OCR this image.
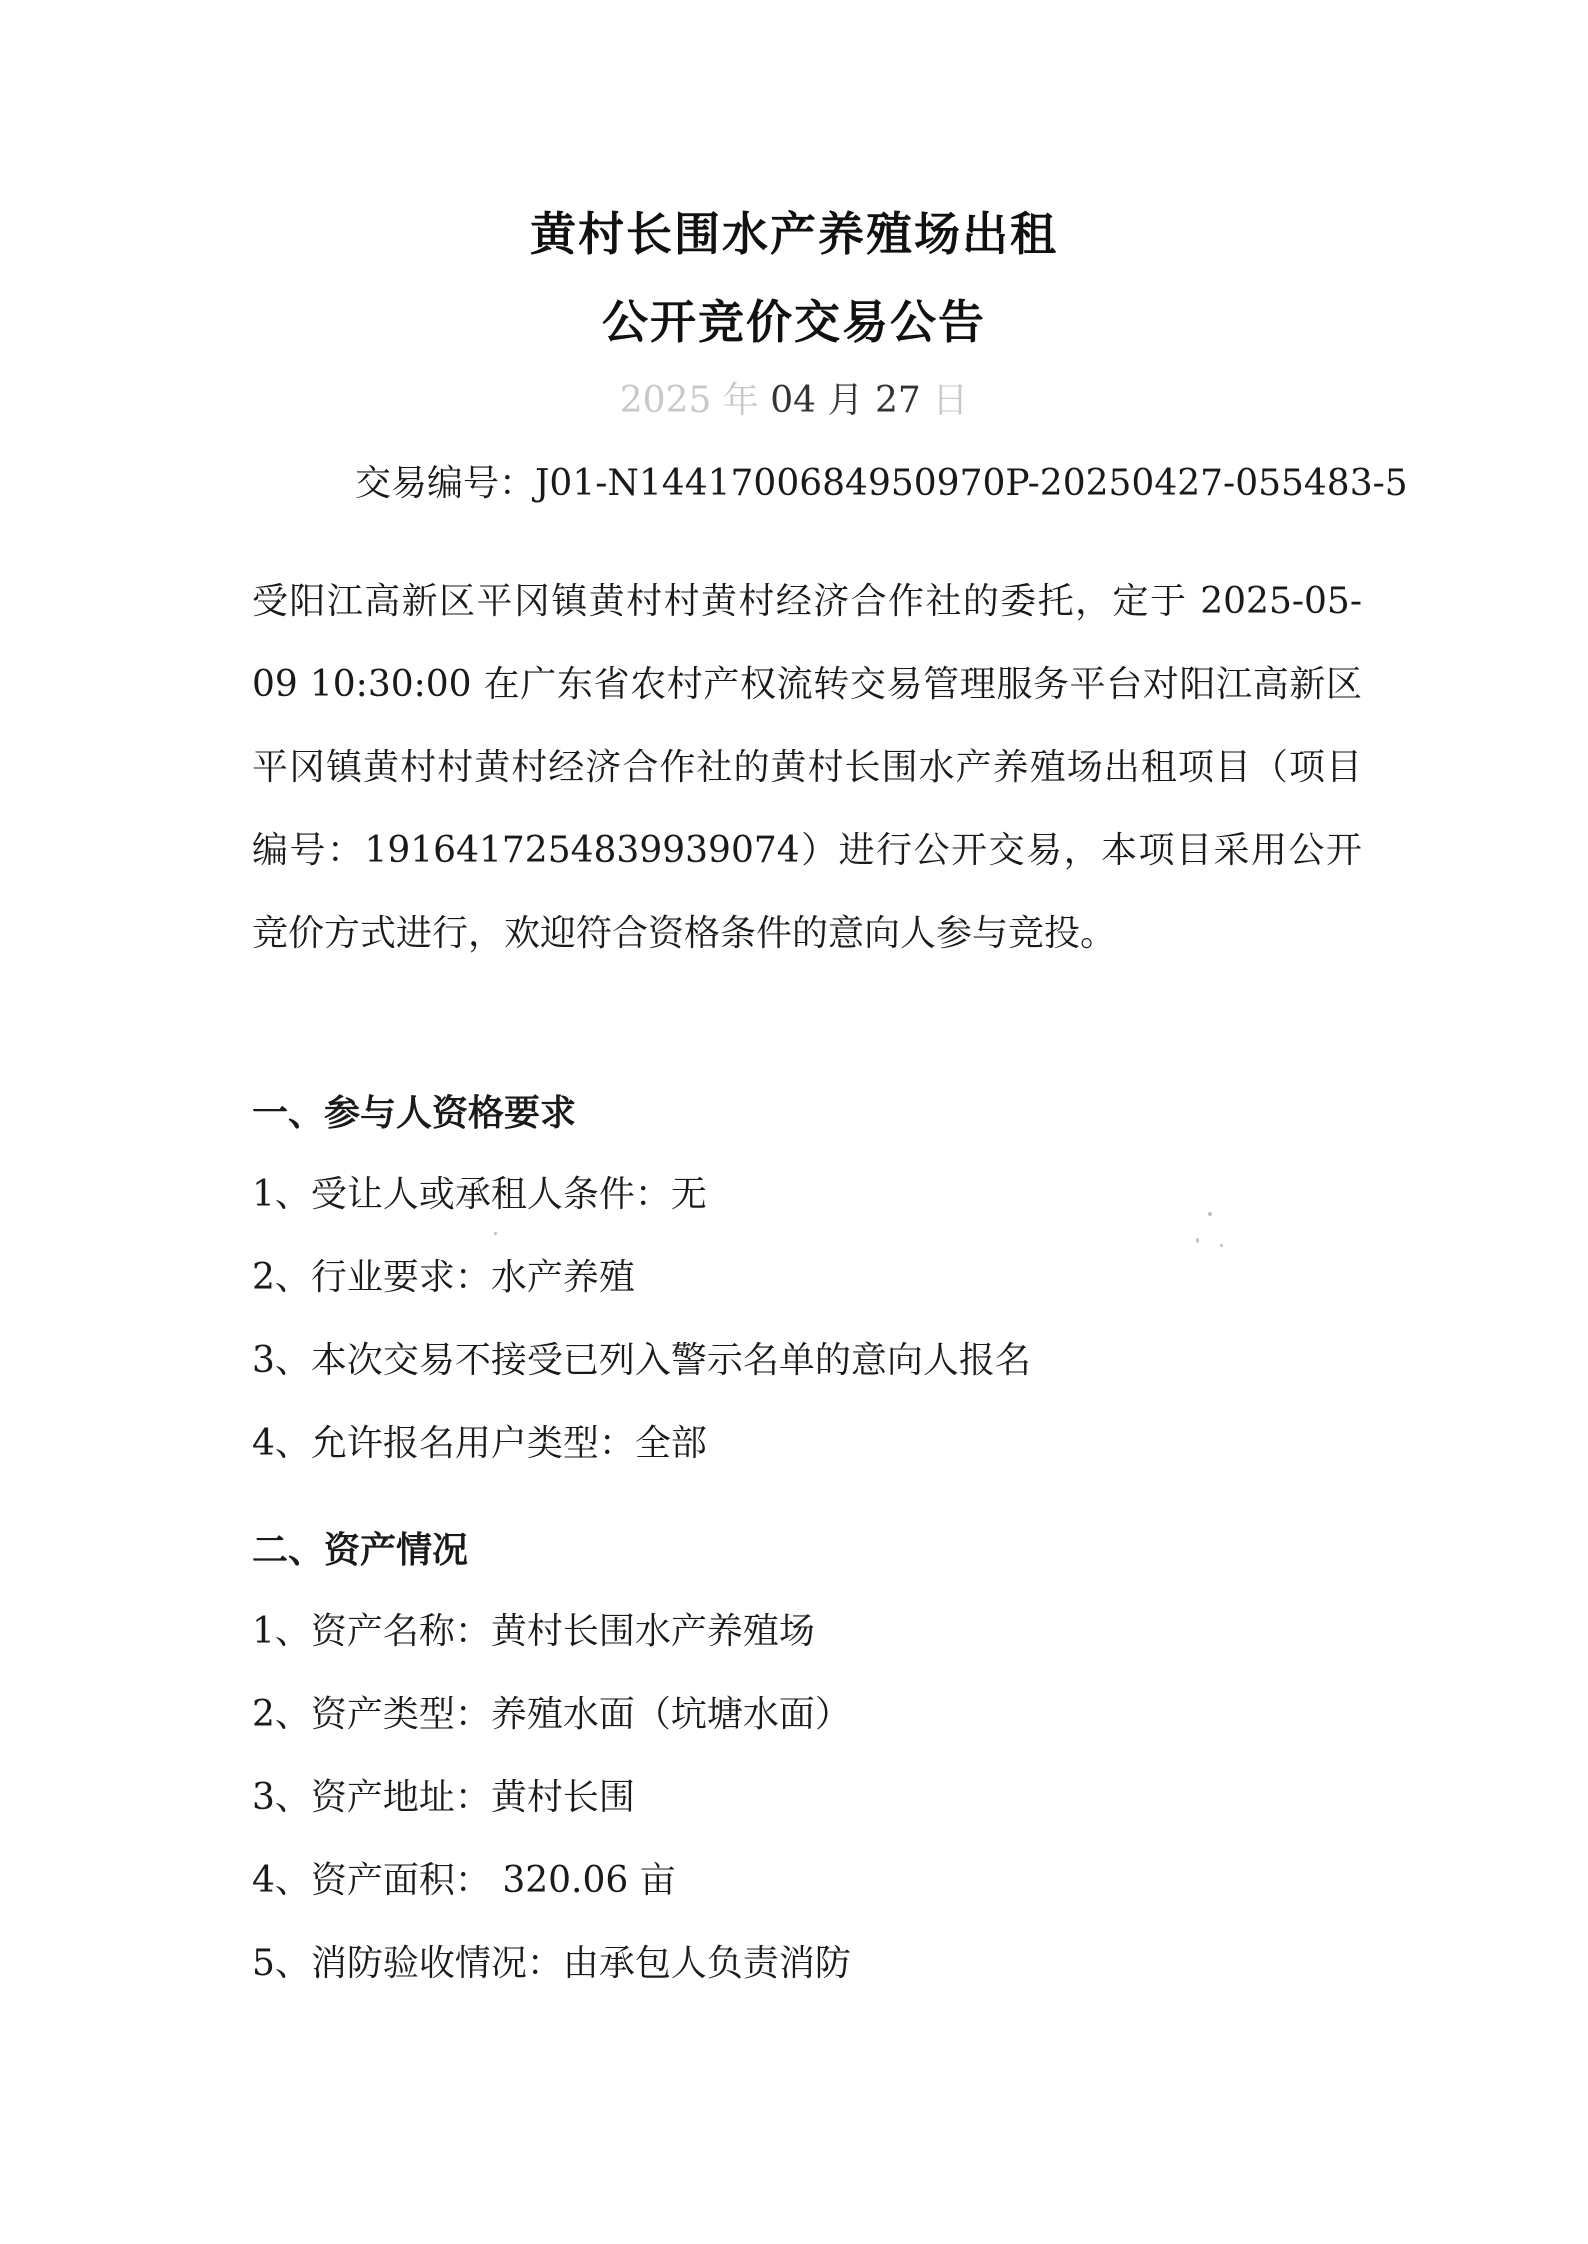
黄村长围水产养殖场出租
公开竞价交易公告
2025 年 04 月 27 日
交易编号：J01-N1441700684950970P-20250427-055483-5
受阳江高新区平冈镇黄村村黄村经济合作社的委托，定于 2025-05-09 10:30:00 在广东省农村产权流转交易管理服务平台对阳江高新区平冈镇黄村村黄村经济合作社的黄村长围水产养殖场出租项目（项目编号：1916417254839939074）进行公开交易，本项目采用公开竞价方式进行，欢迎符合资格条件的意向人参与竞投。
一、参与人资格要求
1、受让人或承租人条件：无
2、行业要求：水产养殖
3、本次交易不接受已列入警示名单的意向人报名
4、允许报名用户类型：全部
二、资产情况
1、资产名称：黄村长围水产养殖场
2、资产类型：养殖水面（坑塘水面）
3、资产地址：黄村长围
4、资产面积： 320.06 亩
5、消防验收情况：由承包人负责消防
